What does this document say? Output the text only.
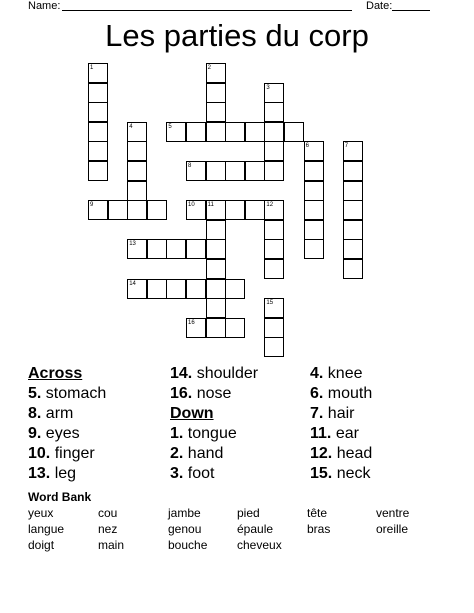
Name:	Date:
Les parties du corp
1	2
3
4	5
6	7
8
9	10 11	12
13
14
15
16
Across
5. stomach
8. arm
9. eyes
10. finger
13. leg
14. shoulder
16. nose
Down
1. tongue
2. hand
3. foot
4. knee
6. mouth
7. hair
11. ear
12. head
15. neck
Word Bank
yeux	cou	jambe	pied	tête	ventre
langue	nez	genou	épaule	bras	oreille
doigt	main	bouche cheveux
